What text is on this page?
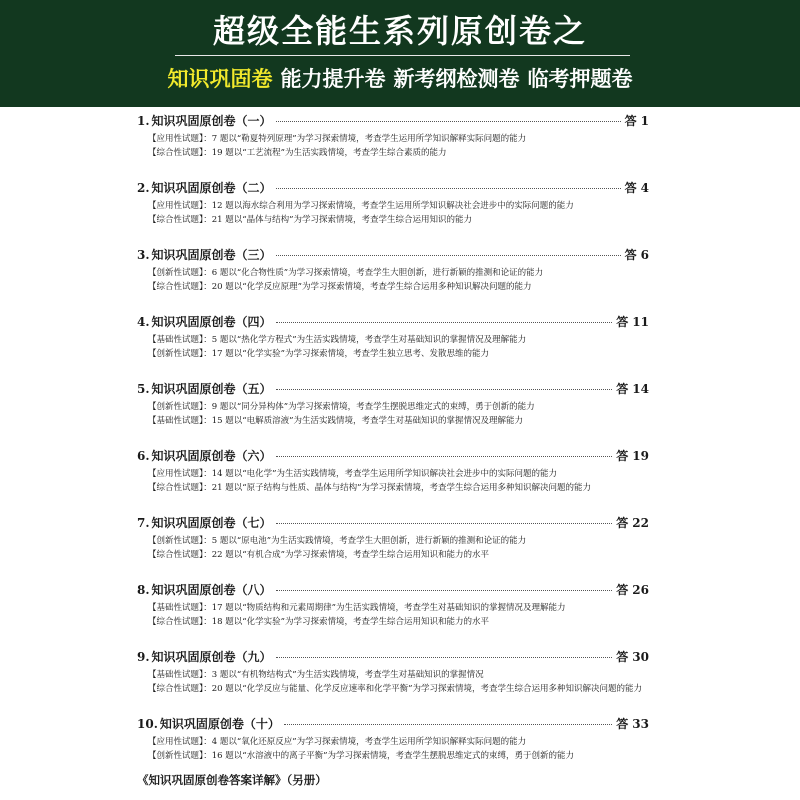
超级全能生系列原创卷之
知识巩固卷 能力提升卷 新考纲检测卷 临考押题卷
1. 知识巩固原创卷（一）	答 1
【应用性试题】： 7 题以“勒夏特列原理”为学习探索情境，考查学生运用所学知识解释实际问题的能力
【综合性试题】： 19 题以“工艺流程”为生活实践情境，考查学生综合素质的能力
2. 知识巩固原创卷（二）	答 4
【应用性试题】： 12 题以海水综合利用为学习探索情境，考查学生运用所学知识解决社会进步中的实际问题的能力
【综合性试题】： 21 题以“晶体与结构”为学习探索情境，考查学生综合运用知识的能力
3. 知识巩固原创卷（三）	答 6
【创新性试题】： 6 题以“化合物性质”为学习探索情境，考查学生大胆创新，进行新颖的推测和论证的能力
【综合性试题】： 20 题以“化学反应原理”为学习探索情境，考查学生综合运用多种知识解决问题的能力
4. 知识巩固原创卷（四）	答 11
【基础性试题】： 5 题以“热化学方程式”为生活实践情境，考查学生对基础知识的掌握情况及理解能力
【创新性试题】： 17 题以“化学实验”为学习探索情境，考查学生独立思考、发散思维的能力
5. 知识巩固原创卷（五）	答 14
【创新性试题】： 9 题以“同分异构体”为学习探索情境，考查学生摆脱思维定式的束缚，勇于创新的能力
【基础性试题】： 15 题以“电解质溶液”为生活实践情境，考查学生对基础知识的掌握情况及理解能力
6. 知识巩固原创卷（六）	答 19
【应用性试题】： 14 题以“电化学”为生活实践情境，考查学生运用所学知识解决社会进步中的实际问题的能力
【综合性试题】： 21 题以“原子结构与性质、晶体与结构”为学习探索情境，考查学生综合运用多种知识解决问题的能力
7. 知识巩固原创卷（七）	答 22
【创新性试题】： 5 题以“原电池”为生活实践情境，考查学生大胆创新，进行新颖的推测和论证的能力
【综合性试题】： 22 题以“有机合成”为学习探索情境，考查学生综合运用知识和能力的水平
8. 知识巩固原创卷（八）	答 26
【基础性试题】： 17 题以“物质结构和元素周期律”为生活实践情境，考查学生对基础知识的掌握情况及理解能力
【综合性试题】： 18 题以“化学实验”为学习探索情境，考查学生综合运用知识和能力的水平
9. 知识巩固原创卷（九）	答 30
【基础性试题】： 3 题以“有机物结构式”为生活实践情境，考查学生对基础知识的掌握情况
【综合性试题】： 20 题以“化学反应与能量、化学反应速率和化学平衡”为学习探索情境，考查学生综合运用多种知识解决问题的能力
10. 知识巩固原创卷（十）	答 33
【应用性试题】： 4 题以“氧化还原反应”为学习探索情境，考查学生运用所学知识解释实际问题的能力
【创新性试题】： 16 题以“水溶液中的离子平衡”为学习探索情境，考查学生摆脱思维定式的束缚，勇于创新的能力
《知识巩固原创卷答案详解》（另册）
